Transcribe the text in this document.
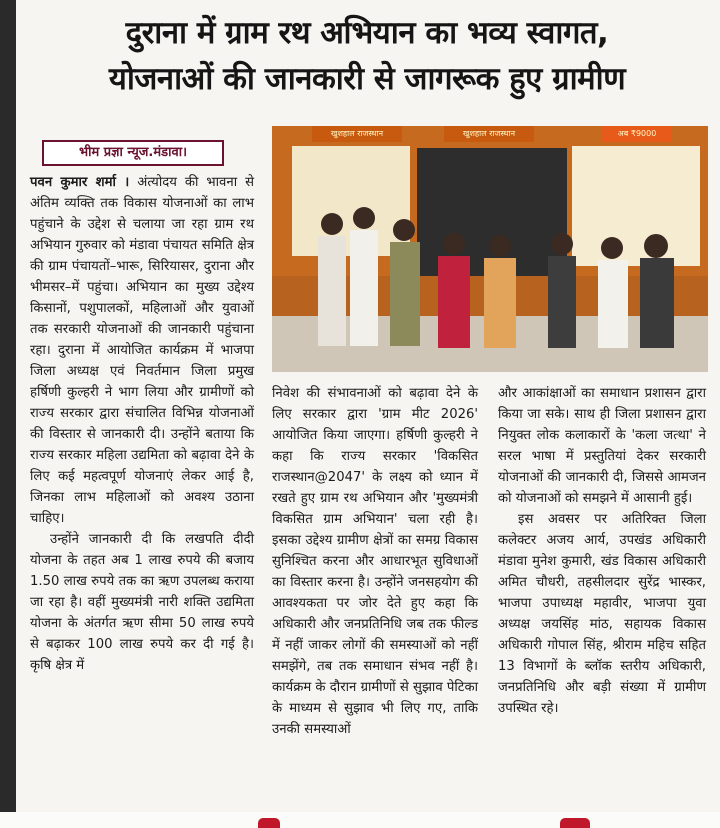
दुराना में ग्राम रथ अभियान का भव्य स्वागत,
योजनाओं की जानकारी से जागरूक हुए ग्रामीण
भीम प्रज्ञा न्यूज.मंडावा।

पवन कुमार शर्मा । अंत्योदय की भावना से अंतिम व्यक्ति तक विकास योजनाओं का लाभ पहुंचाने के उद्देश से चलाया जा रहा ग्राम रथ अभियान गुरुवार को मंडावा पंचायत समिति क्षेत्र की ग्राम पंचायतों–भारू, सिरियासर, दुराना और भीमसर–में पहुंचा। अभियान का मुख्य उद्देश्य किसानों, पशुपालकों, महिलाओं और युवाओं तक सरकारी योजनाओं की जानकारी पहुंचाना रहा। दुराना में आयोजित कार्यक्रम में भाजपा जिला अध्यक्ष एवं निवर्तमान जिला प्रमुख हर्षिणी कुल्हरी ने भाग लिया और ग्रामीणों को राज्य सरकार द्वारा संचालित विभिन्न योजनाओं की विस्तार से जानकारी दी। उन्होंने बताया कि राज्य सरकार महिला उद्यमिता को बढ़ावा देने के लिए कई महत्वपूर्ण योजनाएं लेकर आई है, जिनका लाभ महिलाओं को अवश्य उठाना चाहिए।

उन्होंने जानकारी दी कि लखपति दीदी योजना के तहत अब 1 लाख रुपये की बजाय 1.50 लाख रुपये तक का ऋण उपलब्ध कराया जा रहा है। वहीं मुख्यमंत्री नारी शक्ति उद्यमिता योजना के अंतर्गत ऋण सीमा 50 लाख रुपये से बढ़ाकर 100 लाख रुपये कर दी गई है। कृषि क्षेत्र में

खुशहाल राजस्थान	खुशहाल राजस्थान	अब ₹9000

निवेश की संभावनाओं को बढ़ावा देने के लिए सरकार द्वारा 'ग्राम मीट 2026' आयोजित किया जाएगा। हर्षिणी कुल्हरी ने कहा कि राज्य सरकार 'विकसित राजस्थान@2047' के लक्ष्य को ध्यान में रखते हुए ग्राम रथ अभियान और 'मुख्यमंत्री विकसित ग्राम अभियान' चला रही है। इसका उद्देश्य ग्रामीण क्षेत्रों का समग्र विकास सुनिश्चित करना और आधारभूत सुविधाओं का विस्तार करना है। उन्होंने जनसहयोग की आवश्यकता पर जोर देते हुए कहा कि अधिकारी और जनप्रतिनिधि जब तक फील्ड में नहीं जाकर लोगों की समस्याओं को नहीं समझेंगे, तब तक समाधान संभव नहीं है। कार्यक्रम के दौरान ग्रामीणों से सुझाव पेटिका के माध्यम से सुझाव भी लिए गए, ताकि उनकी समस्याओं

और आकांक्षाओं का समाधान प्रशासन द्वारा किया जा सके। साथ ही जिला प्रशासन द्वारा नियुक्त लोक कलाकारों के 'कला जत्था' ने सरल भाषा में प्रस्तुतियां देकर सरकारी योजनाओं की जानकारी दी, जिससे आमजन को योजनाओं को समझने में आसानी हुई।

इस अवसर पर अतिरिक्त जिला कलेक्टर अजय आर्य, उपखंड अधिकारी मंडावा मुनेश कुमारी, खंड विकास अधिकारी अमित चौधरी, तहसीलदार सुरेंद्र भास्कर, भाजपा उपाध्यक्ष महावीर, भाजपा युवा अध्यक्ष जयसिंह मांठ, सहायक विकास अधिकारी गोपाल सिंह, श्रीराम महिच सहित 13 विभागों के ब्लॉक स्तरीय अधिकारी, जनप्रतिनिधि और बड़ी संख्या में ग्रामीण उपस्थित रहे।
